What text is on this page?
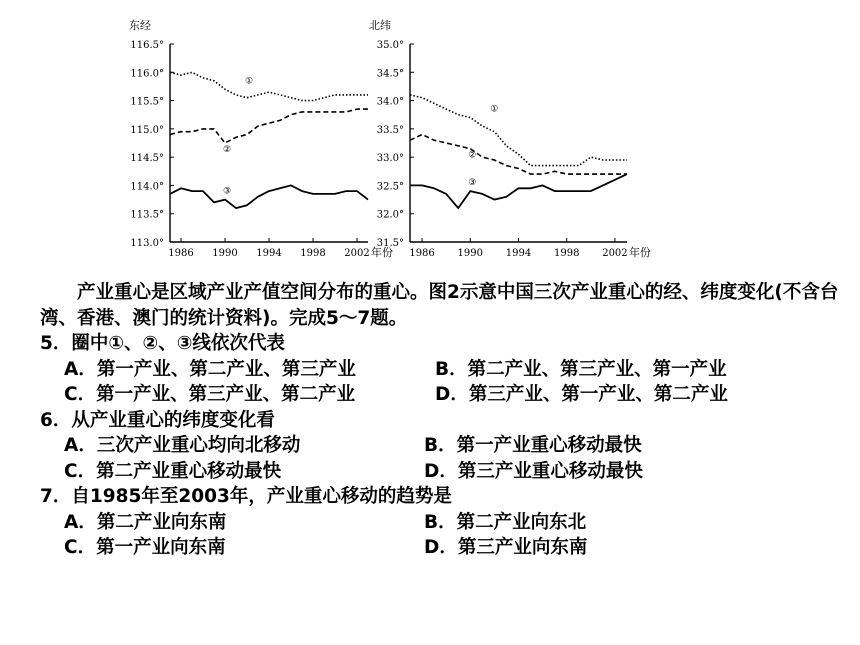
116.5°
116.0°
115.5°
115.0°
114.5°
114.0°
113.5°
113.0°
东经
1986 1990 1994 1998 2002 年份
①
②
③
35.0°
34.5°
34.0°
33.5°
33.0°
32.5°
32.0°
31.5°
北纬
1986 1990 1994 1998 2002 年份
①
②
③
产业重心是区域产业产值空间分布的重心。图2示意中国三次产业重心的经、纬度变化(不含台湾、香港、澳门的统计资料)。完成5～7题。
5．圈中①、②、③线依次代表
A．第一产业、第二产业、第三产业	B．第二产业、第三产业、第一产业
C．第一产业、第三产业、第二产业	D．第三产业、第一产业、第二产业
6．从产业重心的纬度变化看
A．三次产业重心均向北移动	B．第一产业重心移动最快
C．第二产业重心移动最快	D．第三产业重心移动最快
7．自1985年至2003年，产业重心移动的趋势是
A．第二产业向东南	B．第二产业向东北
C．第一产业向东南	D．第三产业向东南
